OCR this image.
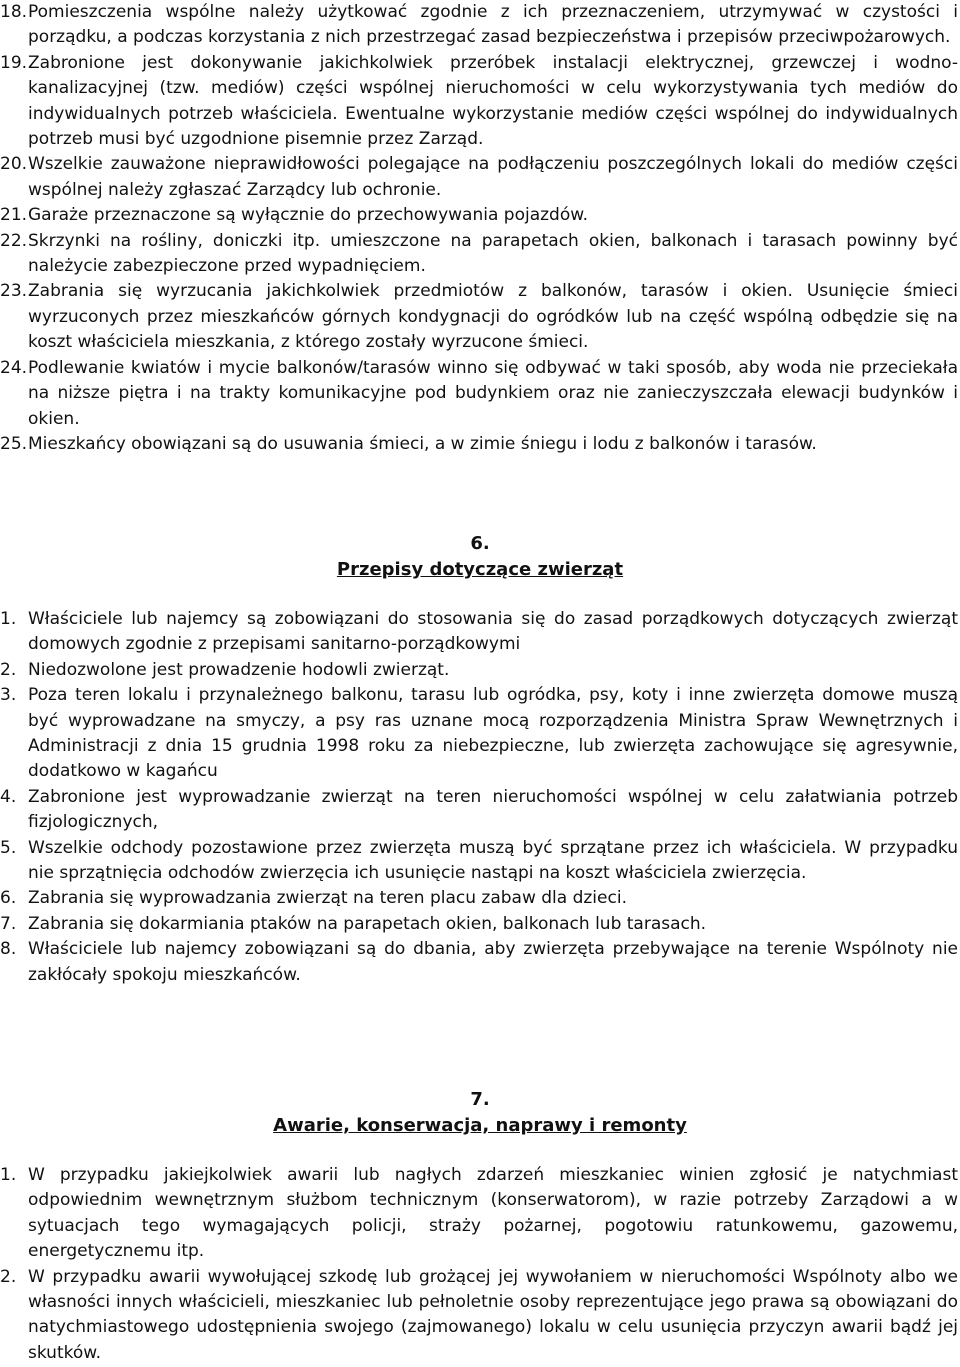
18. Pomieszczenia wspólne należy użytkować zgodnie z ich przeznaczeniem, utrzymywać w czystości i porządku, a podczas korzystania z nich przestrzegać zasad bezpieczeństwa i przepisów przeciwpożarowych.
19. Zabronione jest dokonywanie jakichkolwiek przeróbek instalacji elektrycznej, grzewczej i wodno-kanalizacyjnej (tzw. mediów) części wspólnej nieruchomości w celu wykorzystywania tych mediów do indywidualnych potrzeb właściciela. Ewentualne wykorzystanie mediów części wspólnej do indywidualnych potrzeb musi być uzgodnione pisemnie przez Zarząd.
20. Wszelkie zauważone nieprawidłowości polegające na podłączeniu poszczególnych lokali do mediów części wspólnej należy zgłaszać Zarządcy lub ochronie.
21. Garaże przeznaczone są wyłącznie do przechowywania pojazdów.
22. Skrzynki na rośliny, doniczki itp. umieszczone na parapetach okien, balkonach i tarasach powinny być należycie zabezpieczone przed wypadnięciem.
23. Zabrania się wyrzucania jakichkolwiek przedmiotów z balkonów, tarasów i okien. Usunięcie śmieci wyrzuconych przez mieszkańców górnych kondygnacji do ogródków lub na część wspólną odbędzie się na koszt właściciela mieszkania, z którego zostały wyrzucone śmieci.
24. Podlewanie kwiatów i mycie balkonów/tarasów winno się odbywać w taki sposób, aby woda nie przeciekała na niższe piętra i na trakty komunikacyjne pod budynkiem oraz nie zanieczyszczała elewacji budynków i okien.
25. Mieszkańcy obowiązani są do usuwania śmieci, a w zimie śniegu i lodu z balkonów i tarasów.
6.
Przepisy dotyczące zwierząt
1. Właściciele lub najemcy są zobowiązani do stosowania się do zasad porządkowych dotyczących zwierząt domowych zgodnie z przepisami sanitarno-porządkowymi
2. Niedozwolone jest prowadzenie hodowli zwierząt.
3. Poza teren lokalu i przynależnego balkonu, tarasu lub ogródka, psy, koty i inne zwierzęta domowe muszą być wyprowadzane na smyczy, a psy ras uznane mocą rozporządzenia Ministra Spraw Wewnętrznych i Administracji z dnia 15 grudnia 1998 roku za niebezpieczne, lub zwierzęta zachowujące się agresywnie, dodatkowo w kagańcu
4. Zabronione jest wyprowadzanie zwierząt na teren nieruchomości wspólnej w celu załatwiania potrzeb fizjologicznych,
5. Wszelkie odchody pozostawione przez zwierzęta muszą być sprzątane przez ich właściciela. W przypadku nie sprzątnięcia odchodów zwierzęcia ich usunięcie nastąpi na koszt właściciela zwierzęcia.
6. Zabrania się wyprowadzania zwierząt na teren placu zabaw dla dzieci.
7. Zabrania się dokarmiania ptaków na parapetach okien, balkonach lub tarasach.
8. Właściciele lub najemcy zobowiązani są do dbania, aby zwierzęta przebywające na terenie Wspólnoty nie zakłócały spokoju mieszkańców.
7.
Awarie, konserwacja, naprawy i remonty
1. W przypadku jakiejkolwiek awarii lub nagłych zdarzeń mieszkaniec winien zgłosić je natychmiast odpowiednim wewnętrznym służbom technicznym (konserwatorom), w razie potrzeby Zarządowi a w sytuacjach tego wymagających policji, straży pożarnej, pogotowiu ratunkowemu, gazowemu, energetycznemu itp.
2. W przypadku awarii wywołującej szkodę lub grożącej jej wywołaniem w nieruchomości Wspólnoty albo we własności innych właścicieli, mieszkaniec lub pełnoletnie osoby reprezentujące jego prawa są obowiązani do natychmiastowego udostępnienia swojego (zajmowanego) lokalu w celu usunięcia przyczyn awarii bądź jej skutków.
